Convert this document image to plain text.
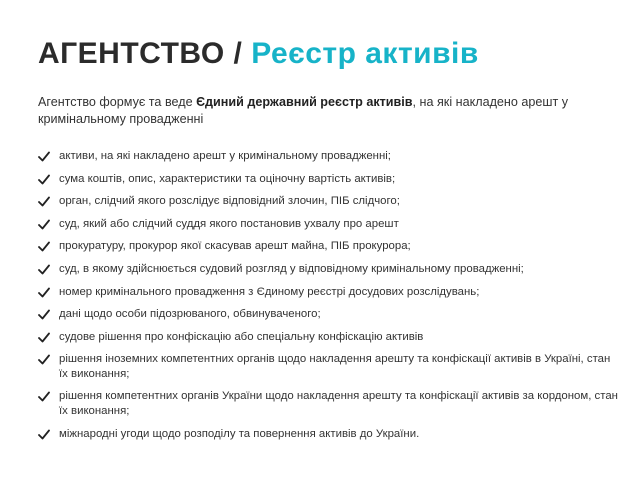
АГЕНТСТВО / Реєстр активів
Агентство формує та веде Єдиний державний реєстр активів, на які накладено арешт у кримінальному провадженні
активи, на які накладено арешт у кримінальному провадженні;
сума коштів, опис, характеристики та оціночну вартість активів;
орган, слідчий якого розслідує відповідний злочин, ПІБ слідчого;
суд, який або слідчий суддя якого постановив ухвалу про арешт
прокуратуру, прокурор якої скасував арешт майна, ПІБ прокурора;
суд, в якому здійснюється судовий розгляд у відповідному кримінальному провадженні;
номер кримінального провадження з Єдиному реєстрі досудових розслідувань;
дані щодо особи підозрюваного, обвинуваченого;
судове рішення про конфіскацію або спеціальну конфіскацію активів
рішення іноземних компетентних органів щодо накладення арешту та конфіскації активів в Україні, стан їх виконання;
рішення компетентних органів України щодо накладення арешту та конфіскації активів за кордоном, стан їх виконання;
міжнародні угоди щодо розподілу та повернення активів до України.
